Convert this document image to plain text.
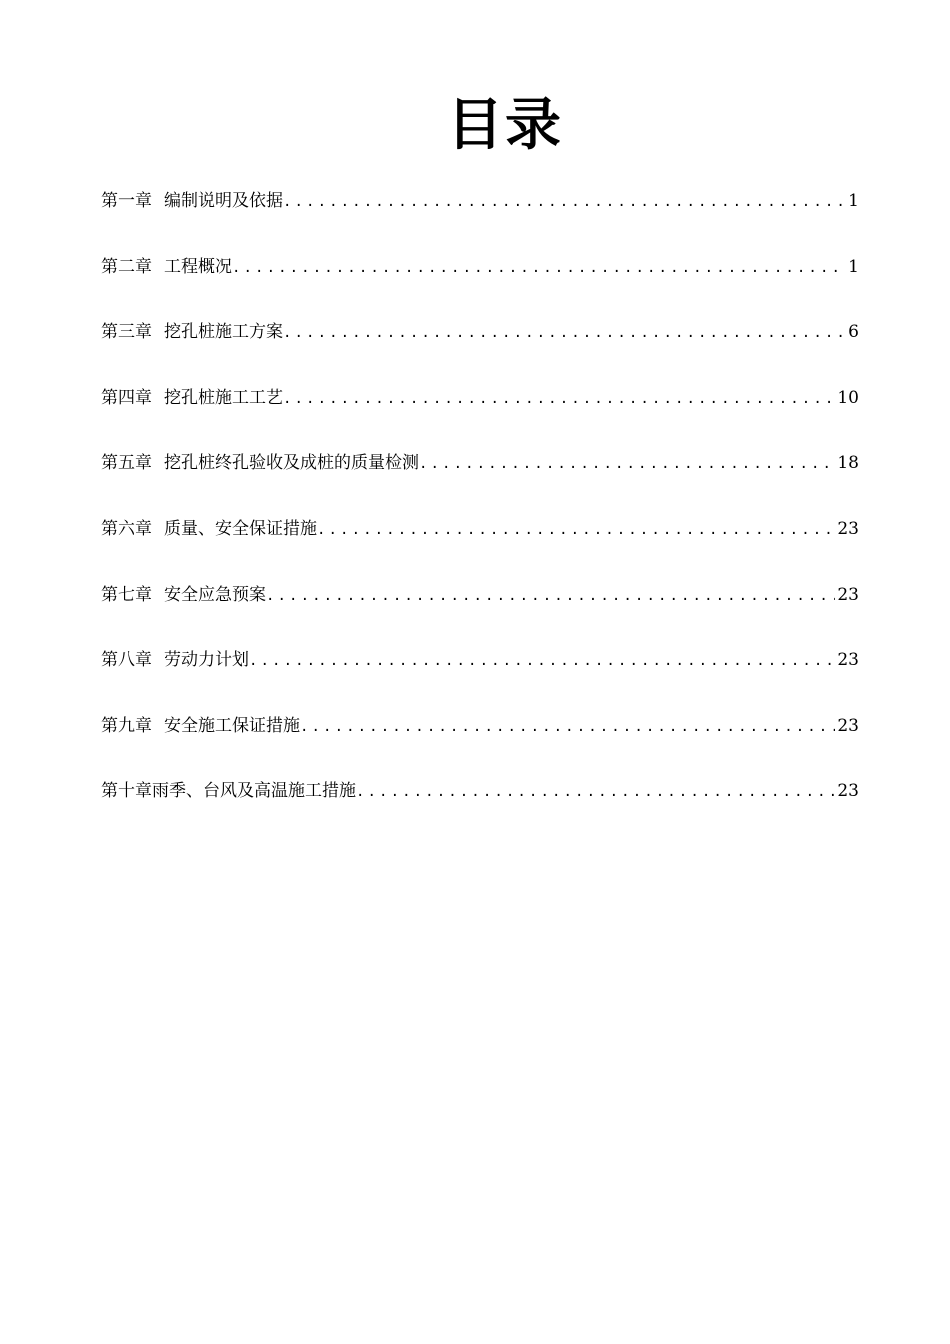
目录
第一章 编制说明及依据 .....	1
第二章 工程概况 .....	1
第三章 挖孔桩施工方案 .....	6
第四章 挖孔桩施工工艺 .....	10
第五章 挖孔桩终孔验收及成桩的质量检测 .....	18
第六章 质量、安全保证措施 .....	23
第七章 安全应急预案 .....	23
第八章 劳动力计划 .....	23
第九章 安全施工保证措施 .....	23
第十章 雨季、台风及高温施工措施 .....	23
